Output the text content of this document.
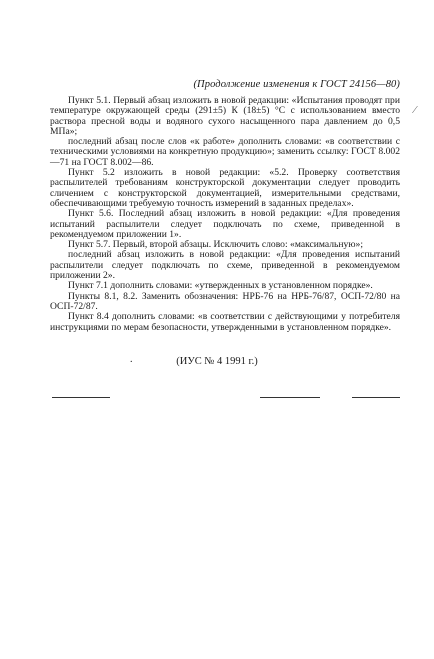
(Продолжение изменения к ГОСТ 24156—80)
⁄

Пункт 5.1. Первый абзац изложить в новой редакции: «Испытания проводят при температуре окружающей среды (291±5) К (18±5) °С с использованием вместо раствора пресной воды и водяного сухого насыщенного пара давлением до 0,5 МПа»;

последний абзац после слов «к работе» дополнить словами: «в соответствии с техническими условиями на конкретную продукцию»; заменить ссылку: ГОСТ 8.002—71 на ГОСТ 8.002—86.

Пункт 5.2 изложить в новой редакции: «5.2. Проверку соответствия распылителей требованиям конструкторской документации следует проводить сличением с конструкторской документацией, измерительными средствами, обеспечивающими требуемую точность измерений в заданных пределах».

Пункт 5.6. Последний абзац изложить в новой редакции: «Для проведения испытаний распылители следует подключать по схеме, приведенной в рекомендуемом приложении 1».

Пункт 5.7. Первый, второй абзацы. Исключить слово: «максимальную»;

последний абзац изложить в новой редакции: «Для проведения испытаний распылители следует подключать по схеме, приведенной в рекомендуемом приложении 2».

Пункт 7.1 дополнить словами: «утвержденных в установленном порядке».

Пункты 8.1, 8.2. Заменить обозначения: НРБ-76 на НРБ-76/87, ОСП-72/80 на ОСП-72/87.

Пункт 8.4 дополнить словами: «в соответствии с действующими у потребителя инструкциями по мерам безопасности, утвержденными в установленном порядке».

.	(ИУС № 4 1991 г.)
